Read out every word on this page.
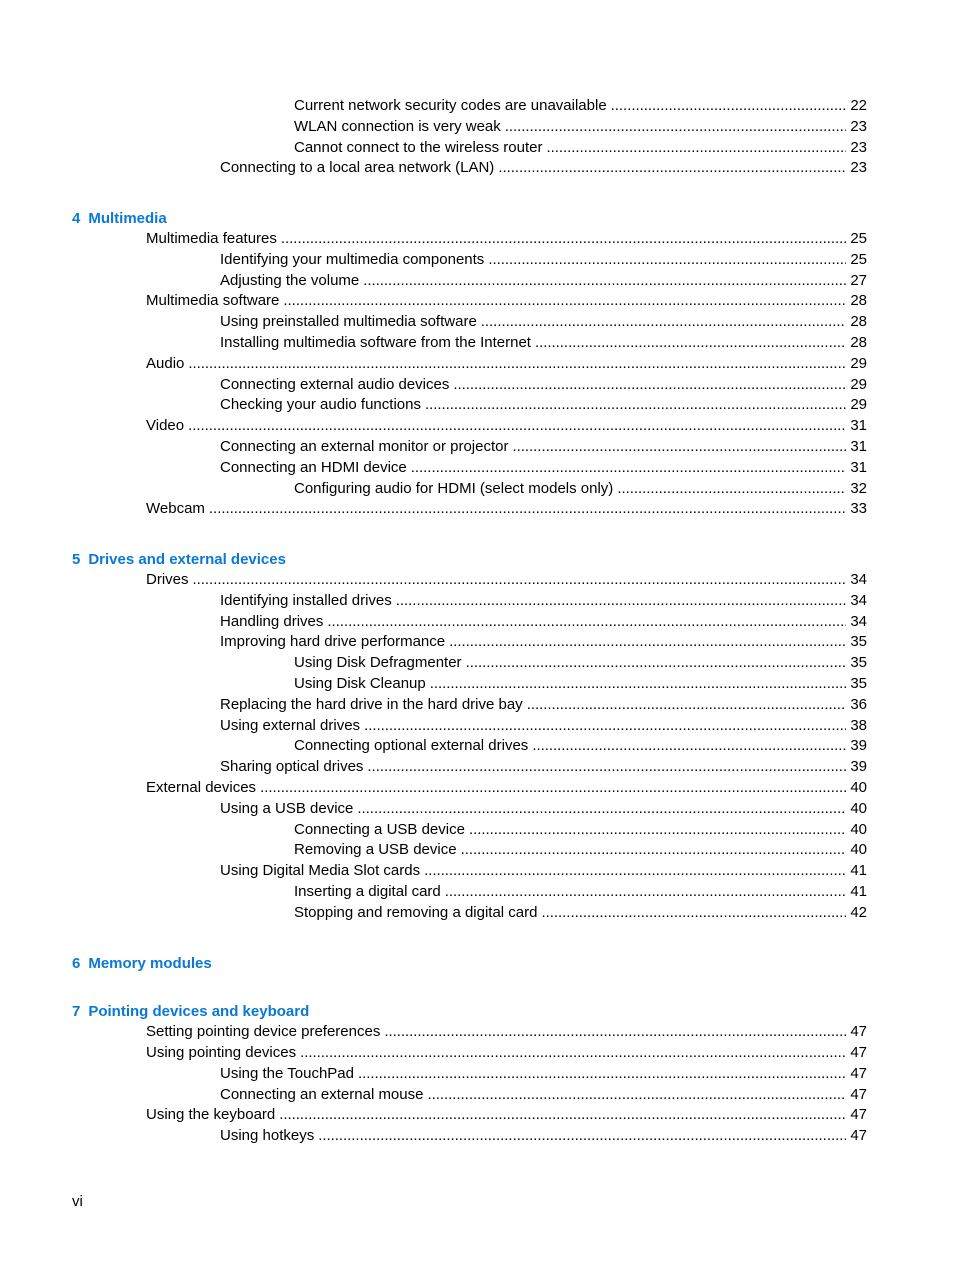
Current network security codes are unavailable . . .	22
WLAN connection is very weak . . .	23
Cannot connect to the wireless router . . .	23
Connecting to a local area network (LAN) . . .	23
4 Multimedia
Multimedia features . . .	25
Identifying your multimedia components . . .	25
Adjusting the volume . . .	27
Multimedia software . . .	28
Using preinstalled multimedia software . . .	28
Installing multimedia software from the Internet . . .	28
Audio . . .	29
Connecting external audio devices . . .	29
Checking your audio functions . . .	29
Video . . .	31
Connecting an external monitor or projector . . .	31
Connecting an HDMI device . . .	31
Configuring audio for HDMI (select models only) . . .	32
Webcam . . .	33
5 Drives and external devices
Drives . . .	34
Identifying installed drives . . .	34
Handling drives . . .	34
Improving hard drive performance . . .	35
Using Disk Defragmenter . . .	35
Using Disk Cleanup . . .	35
Replacing the hard drive in the hard drive bay . . .	36
Using external drives . . .	38
Connecting optional external drives . . .	39
Sharing optical drives . . .	39
External devices . . .	40
Using a USB device . . .	40
Connecting a USB device . . .	40
Removing a USB device . . .	40
Using Digital Media Slot cards . . .	41
Inserting a digital card . . .	41
Stopping and removing a digital card . . .	42
6 Memory modules
7 Pointing devices and keyboard
Setting pointing device preferences . . .	47
Using pointing devices . . .	47
Using the TouchPad . . .	47
Connecting an external mouse . . .	47
Using the keyboard . . .	47
Using hotkeys . . .	47
vi
